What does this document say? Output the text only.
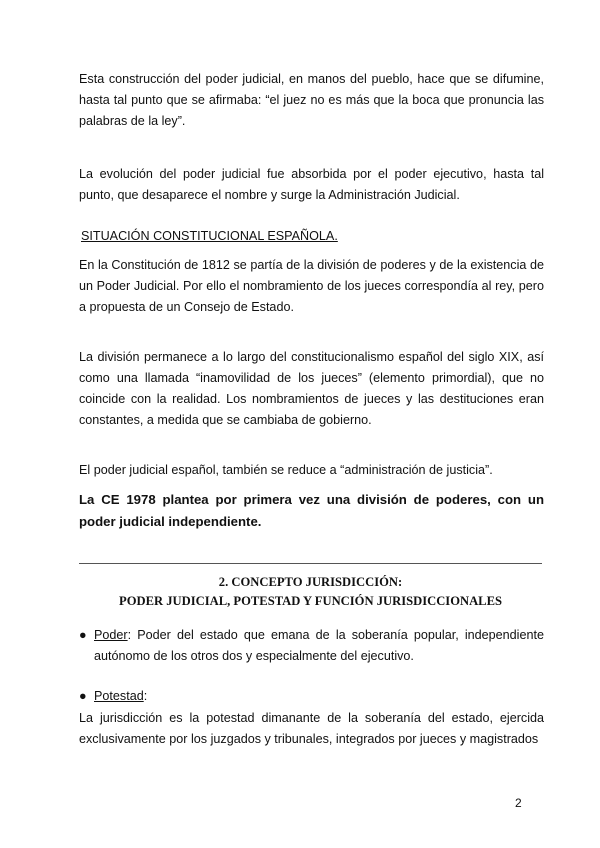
Esta construcción del poder judicial, en manos del pueblo, hace que se difumine, hasta tal punto que se afirmaba: “el juez no es más que la boca que pronuncia las palabras de la ley”.
La evolución del poder judicial fue absorbida por el poder ejecutivo, hasta tal punto, que desaparece el nombre y surge la Administración Judicial.
SITUACIÓN CONSTITUCIONAL ESPAÑOLA.
En la Constitución de 1812 se partía de la división de poderes y de la existencia de un Poder Judicial. Por ello el nombramiento de los jueces correspondía al rey, pero a propuesta de un Consejo de Estado.
La división permanece a lo largo del constitucionalismo español del siglo XIX, así como una llamada “inamovilidad de los jueces” (elemento primordial), que no coincide con la realidad. Los nombramientos de jueces y las destituciones eran constantes, a medida que se cambiaba de gobierno.
El poder judicial español, también se reduce a “administración de justicia”.
La CE 1978 plantea por primera vez una división de poderes, con un poder judicial independiente.
2. CONCEPTO JURISDICCIÓN:
PODER JUDICIAL, POTESTAD Y FUNCIÓN JURISDICCIONALES
● Poder: Poder del estado que emana de la soberanía popular, independiente autónomo de los otros dos y especialmente del ejecutivo.
● Potestad:
La jurisdicción es la potestad dimanante de la soberanía del estado, ejercida exclusivamente por los juzgados y tribunales, integrados por jueces y magistrados
2
